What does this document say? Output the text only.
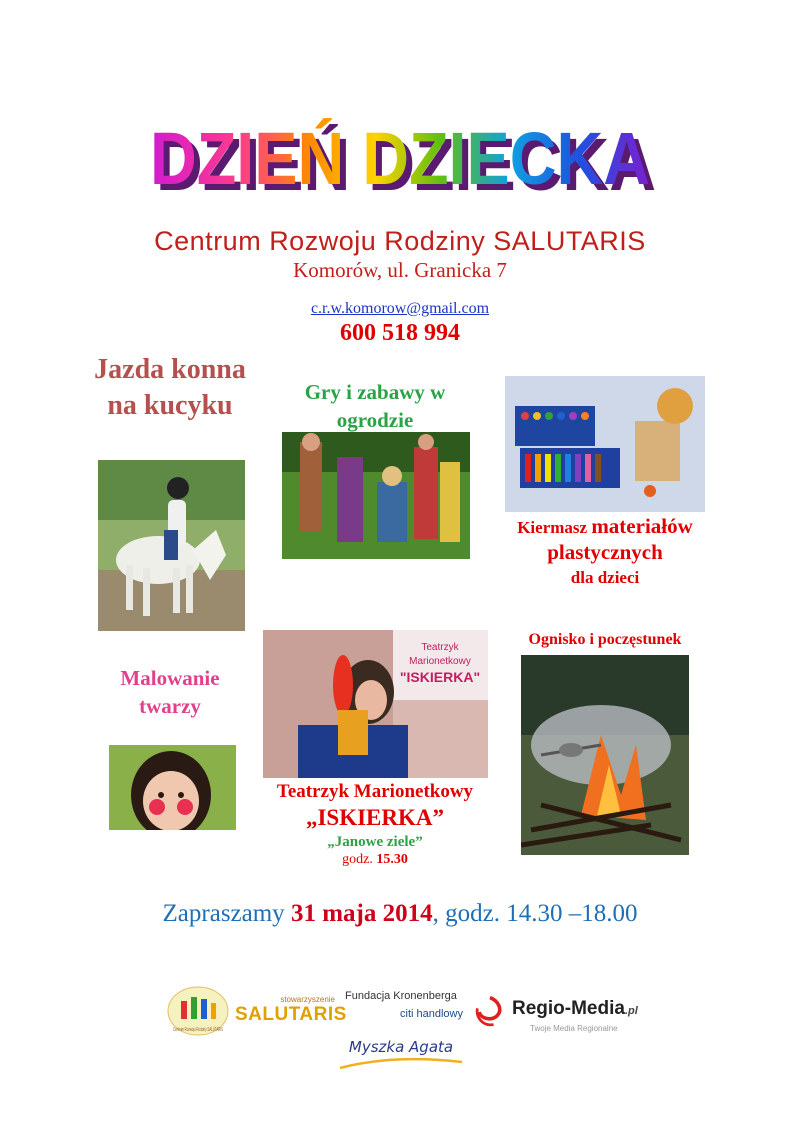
DZIEŃ DZIECKA
DZIEŃ DZIECKA
Centrum Rozwoju Rodziny SALUTARIS
Komorów, ul. Granicka 7
c.r.w.komorow@gmail.com
600 518 994
Jazda konna na kucyku	Gry i zabawy w ogrodzie
Kiermasz materiałów plastycznych
dla dzieci
Malowanie twarzy
Ognisko i poczęstunek
Teatrzyk Marionetkowy
„ISKIERKA”
„Janowe ziele”
godz. 15.30
Teatrzyk
Marionetkowy
"ISKIERKA"
Zapraszamy 31 maja 2014, godz. 14.30 –18.00
Centrum Rozwoju Rodziny SALUTARIS
stowarzyszenie
SALUTARIS
Fundacja Kronenberga
citi handlowy	Regio-Media.pl
Twoje Media Regionalne
Myszka Agata
